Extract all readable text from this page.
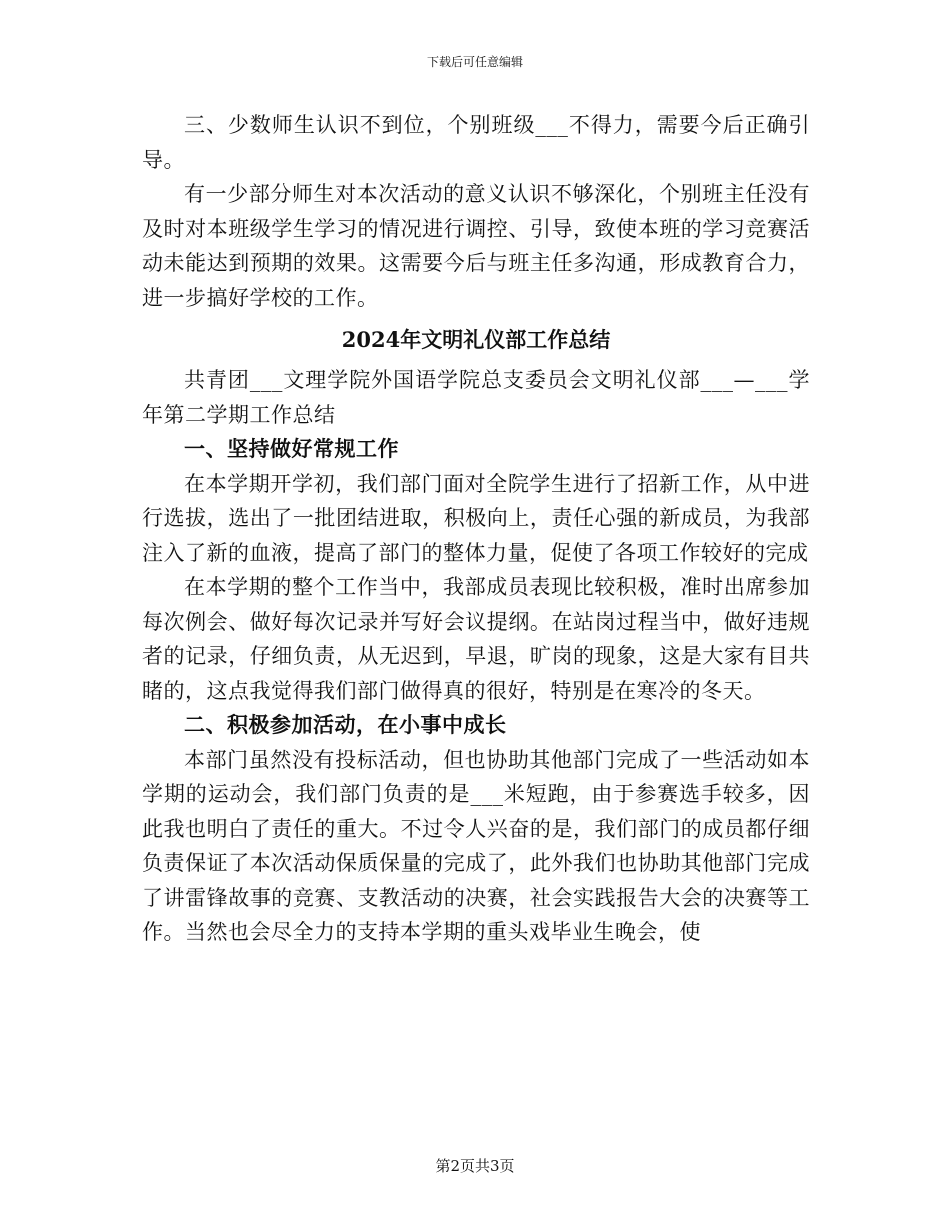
下载后可任意编辑

三、少数师生认识不到位，个别班级___不得力，需要今后正确引导。

有一少部分师生对本次活动的意义认识不够深化，个别班主任没有及时对本班级学生学习的情况进行调控、引导，致使本班的学习竞赛活动未能达到预期的效果。这需要今后与班主任多沟通，形成教育合力，进一步搞好学校的工作。

2024年文明礼仪部工作总结

共青团___文理学院外国语学院总支委员会文明礼仪部___—___学年第二学期工作总结

一、坚持做好常规工作

在本学期开学初，我们部门面对全院学生进行了招新工作，从中进行选拔，选出了一批团结进取，积极向上，责任心强的新成员，为我部注入了新的血液，提高了部门的整体力量，促使了各项工作较好的完成

在本学期的整个工作当中，我部成员表现比较积极，准时出席参加每次例会、做好每次记录并写好会议提纲。在站岗过程当中，做好违规者的记录，仔细负责，从无迟到，早退，旷岗的现象，这是大家有目共睹的，这点我觉得我们部门做得真的很好，特别是在寒冷的冬天。

二、积极参加活动，在小事中成长

本部门虽然没有投标活动，但也协助其他部门完成了一些活动如本学期的运动会，我们部门负责的是___米短跑，由于参赛选手较多，因此我也明白了责任的重大。不过令人兴奋的是，我们部门的成员都仔细负责保证了本次活动保质保量的完成了，此外我们也协助其他部门完成了讲雷锋故事的竞赛、支教活动的决赛，社会实践报告大会的决赛等工作。当然也会尽全力的支持本学期的重头戏毕业生晚会，使

第2页共3页
